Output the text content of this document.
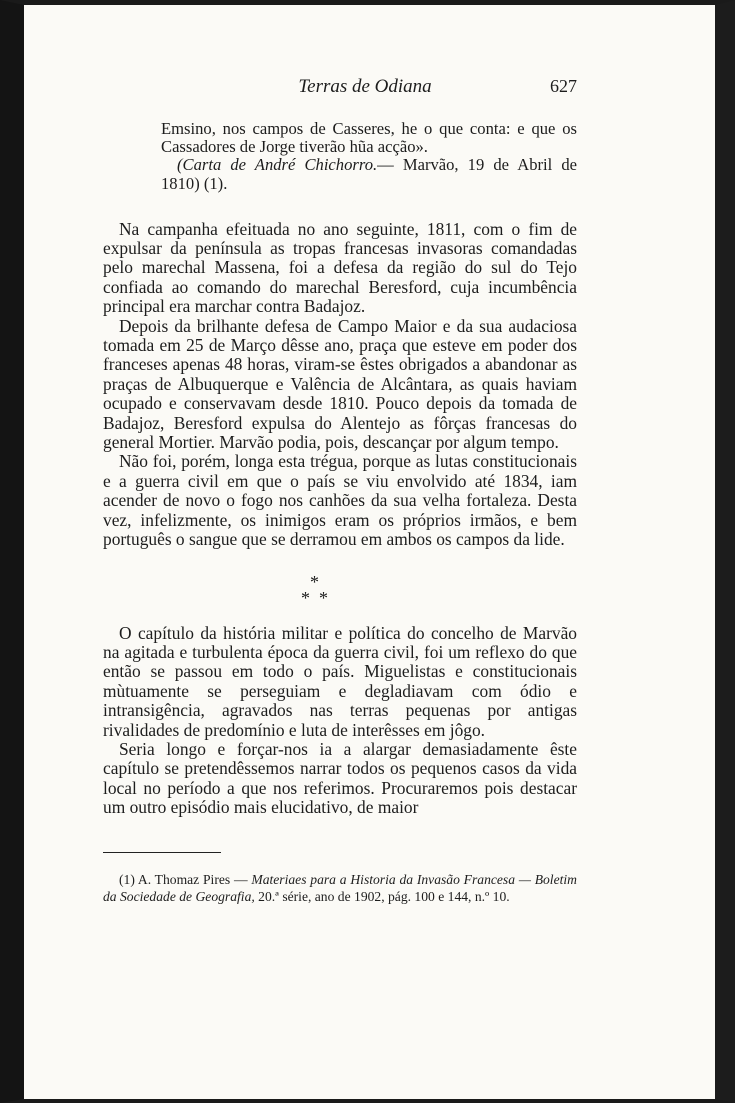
Terras de Odiana	627

Emsino, nos campos de Casseres, he o que conta: e que os Cassadores de Jorge tiverão hũa acção».

(Carta de André Chichorro.— Marvão, 19 de Abril de 1810) (1).

Na campanha efeituada no ano seguinte, 1811, com o fim de expulsar da península as tropas francesas invasoras comandadas pelo marechal Massena, foi a defesa da região do sul do Tejo confiada ao comando do marechal Beresford, cuja incumbência principal era marchar contra Badajoz.

Depois da brilhante defesa de Campo Maior e da sua audaciosa tomada em 25 de Março dêsse ano, praça que esteve em poder dos franceses apenas 48 horas, viram-se êstes obrigados a abandonar as praças de Albuquerque e Valência de Alcântara, as quais haviam ocupado e conservavam desde 1810. Pouco depois da tomada de Badajoz, Beresford expulsa do Alentejo as fôrças francesas do general Mortier. Marvão podia, pois, descançar por algum tempo.

Não foi, porém, longa esta trégua, porque as lutas constitucionais e a guerra civil em que o país se viu envolvido até 1834, iam acender de novo o fogo nos canhões da sua velha fortaleza. Desta vez, infelizmente, os inimigos eram os próprios irmãos, e bem português o sangue que se derramou em ambos os campos da lide.

*
* *

O capítulo da história militar e política do concelho de Marvão na agitada e turbulenta época da guerra civil, foi um reflexo do que então se passou em todo o país. Miguelistas e constitucionais mùtuamente se perseguiam e degladiavam com ódio e intransigência, agravados nas terras pequenas por antigas rivalidades de predomínio e luta de interêsses em jôgo.

Seria longo e forçar-nos ia a alargar demasiadamente êste capítulo se pretendêssemos narrar todos os pequenos casos da vida local no período a que nos referimos. Procuraremos pois destacar um outro episódio mais elucidativo, de maior

(1) A. Thomaz Pires — Materiaes para a Historia da Invasão Francesa — Boletim da Sociedade de Geografia, 20.ª série, ano de 1902, pág. 100 e 144, n.º 10.
